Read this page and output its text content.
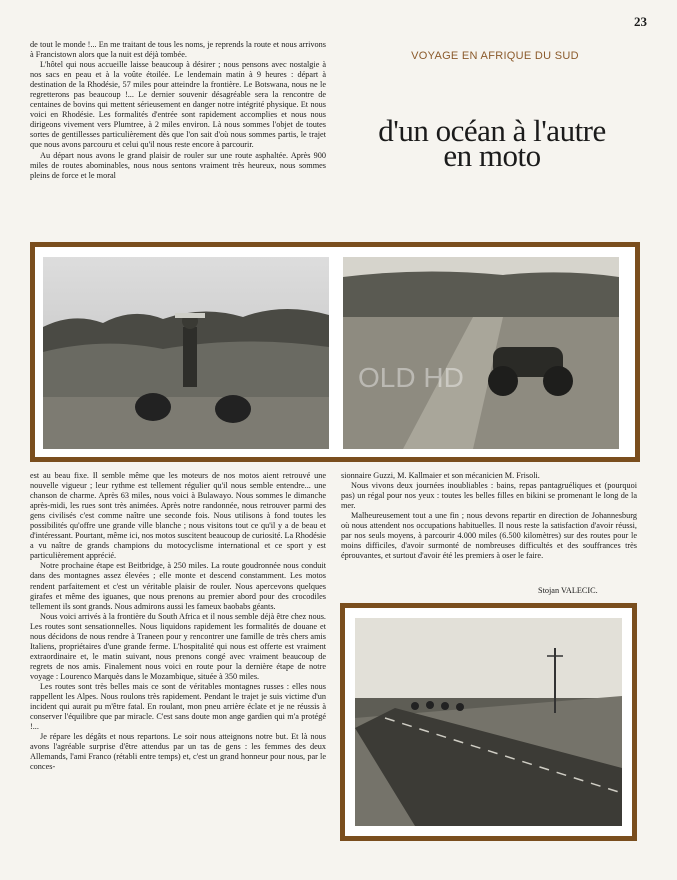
23

de tout le monde !... En me traitant de tous les noms, je reprends la route et nous arrivons à Francistown alors que la nuit est déjà tombée.

L'hôtel qui nous accueille laisse beaucoup à désirer ; nous pensons avec nostalgie à nos sacs en peau et à la voûte étoilée. Le lendemain matin à 9 heures : départ à destination de la Rhodésie, 57 miles pour atteindre la frontière. Le Botswana, nous ne le regretterons pas beaucoup !... Le dernier souvenir désagréable sera la rencontre de centaines de bovins qui mettent sérieusement en danger notre intégrité physique. Et nous voici en Rhodésie. Les formalités d'entrée sont rapidement accomplies et nous nous dirigeons vivement vers Plumtree, à 2 miles environ. Là nous sommes l'objet de toutes sortes de gentillesses particulièrement dès que l'on sait d'où nous sommes partis, le trajet que nous avons parcouru et celui qu'il nous reste encore à parcourir.

Au départ nous avons le grand plaisir de rouler sur une route asphaltée. Après 900 miles de routes abominables, nous nous sentons vraiment très heureux, nous sommes pleins de force et le moral

VOYAGE EN AFRIQUE DU SUD
d'un océan à l'autre
en moto
OLD HD

est au beau fixe. Il semble même que les moteurs de nos motos aient retrouvé une nouvelle vigueur ; leur rythme est tellement régulier qu'il nous semble entendre... une chanson de charme. Après 63 miles, nous voici à Bulawayo. Nous sommes le dimanche après-midi, les rues sont très animées. Après notre randonnée, nous retrouver parmi des gens civilisés c'est comme naître une seconde fois. Nous utilisons à fond toutes les possibilités qu'offre une grande ville blanche ; nous visitons tout ce qu'il y a de beau et d'intéressant. Pourtant, même ici, nos motos suscitent beaucoup de curiosité. La Rhodésie a vu naître de grands champions du motocyclisme international et ce sport y est particulièrement apprécié.

Notre prochaine étape est Beitbridge, à 250 miles. La route goudronnée nous conduit dans des montagnes assez élevées ; elle monte et descend constamment. Les motos rendent parfaitement et c'est un véritable plaisir de rouler. Nous apercevons quelques girafes et même des iguanes, que nous prenons au premier abord pour des crocodiles tellement ils sont grands. Nous admirons aussi les fameux baobabs géants.

Nous voici arrivés à la frontière du South Africa et il nous semble déjà être chez nous. Les routes sont sensationnelles. Nous liquidons rapidement les formalités de douane et nous décidons de nous rendre à Traneen pour y rencontrer une famille de très chers amis Italiens, propriétaires d'une grande ferme. L'hospitalité qui nous est offerte est vraiment extraordinaire et, le matin suivant, nous prenons congé avec vraiment beaucoup de regrets de nos amis. Finalement nous voici en route pour la dernière étape de notre voyage : Lourenco Marquès dans le Mozambique, située à 350 miles.

Les routes sont très belles mais ce sont de véritables montagnes russes : elles nous rappellent les Alpes. Nous roulons très rapidement. Pendant le trajet je suis victime d'un incident qui aurait pu m'être fatal. En roulant, mon pneu arrière éclate et je ne réussis à conserver l'équilibre que par miracle. C'est sans doute mon ange gardien qui m'a protégé !...

Je répare les dégâts et nous repartons. Le soir nous atteignons notre but. Et là nous avons l'agréable surprise d'être attendus par un tas de gens : les femmes des deux Allemands, l'ami Franco (rétabli entre temps) et, c'est un grand honneur pour nous, par le conces-

sionnaire Guzzi, M. Kallmaier et son mécanicien M. Frisoli.

Nous vivons deux journées inoubliables : bains, repas pantagruéliques et (pourquoi pas) un régal pour nos yeux : toutes les belles filles en bikini se promenant le long de la mer.

Malheureusement tout a une fin ; nous devons repartir en direction de Johannesburg où nous attendent nos occupations habituelles. Il nous reste la satisfaction d'avoir réussi, par nos seuls moyens, à parcourir 4.000 miles (6.500 kilomètres) sur des routes pour le moins difficiles, d'avoir surmonté de nombreuses difficultés et des souffrances très éprouvantes, et surtout d'avoir été les premiers à oser le faire.

Stojan VALECIC.
